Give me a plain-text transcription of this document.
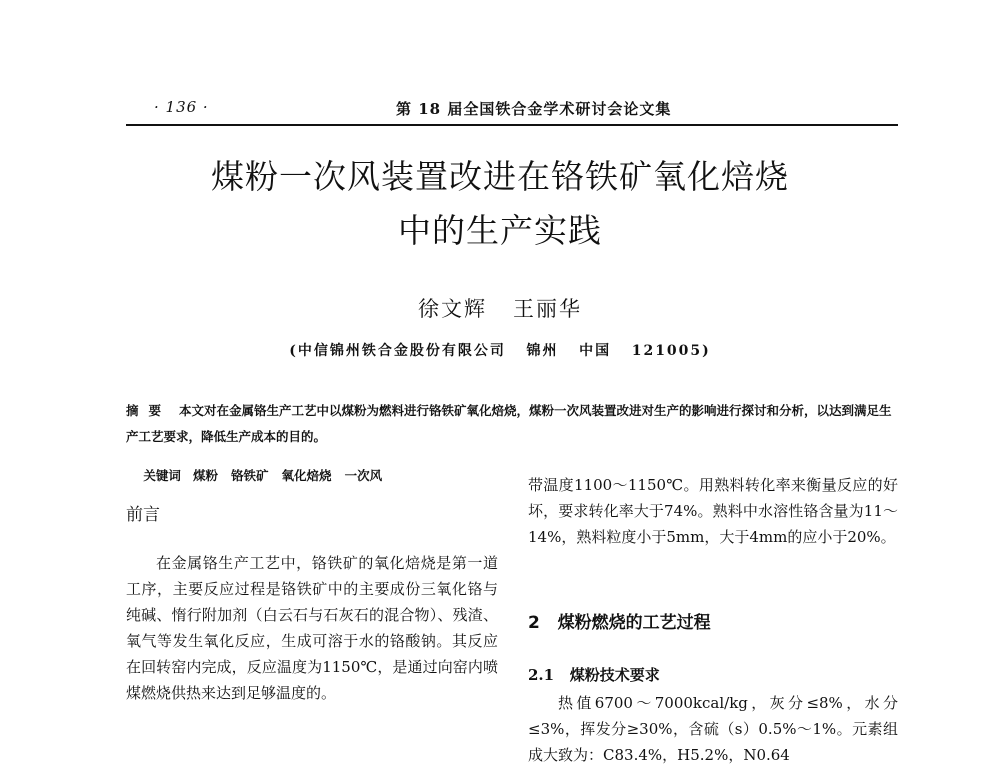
· 136 ·	第 18 届全国铁合金学术研讨会论文集
煤粉一次风装置改进在铬铁矿氧化焙烧
中的生产实践
徐文辉   王丽华
(中信锦州铁合金股份有限公司   锦州   中国   121005)
摘要 本文对在金属铬生产工艺中以煤粉为燃料进行铬铁矿氧化焙烧，煤粉一次风装置改进对生产的影响进行探讨和分析，以达到满足生产工艺要求，降低生产成本的目的。

关键词 煤粉   铬铁矿   氧化焙烧   一次风

前言

在金属铬生产工艺中，铬铁矿的氧化焙烧是第一道工序，主要反应过程是铬铁矿中的主要成份三氧化铬与纯碱、惰行附加剂（白云石与石灰石的混合物）、残渣、氧气等发生氧化反应，生成可溶于水的铬酸钠。其反应在回转窑内完成，反应温度为1150℃，是通过向窑内喷煤燃烧供热来达到足够温度的。

带温度1100～1150℃。用熟料转化率来衡量反应的好坏，要求转化率大于74%。熟料中水溶性铬含量为11～14%，熟料粒度小于5mm，大于4mm的应小于20%。

2   煤粉燃烧的工艺过程
2.1   煤粉技术要求

热值6700～7000kcal/kg，灰分≤8%，水分≤3%，挥发分≥30%，含硫（s）0.5%～1%。元素组成大致为：C83.4%，H5.2%，N0.64
